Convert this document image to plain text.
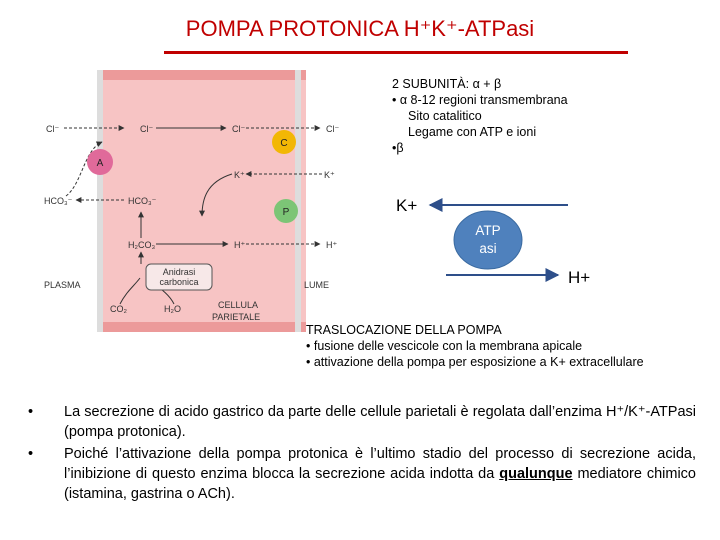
POMPA PROTONICA H⁺K⁺-ATPasi
Cl⁻
HCO₃⁻
Cl⁻
HCO₃⁻
H₂CO₃
CO₂	H₂O
Cl⁻	Cl⁻
K⁺	K⁺
H⁺	H⁺
A
C
P
Anidrasi
carbonica
PLASMA	LUME
CELLULA
PARIETALE
2 SUBUNITÀ: α + β
• α 8-12 regioni transmembrana
Sito catalitico
Legame con ATP e ioni
•β
K+
ATP
asi
H+
TRASLOCAZIONE DELLA POMPA
• fusione delle vescicole con la membrana apicale
• attivazione della pompa per esposizione a K+ extracellulare
•	La secrezione di acido gastrico da parte delle cellule parietali è regolata dall’enzima H⁺/K⁺-ATPasi (pompa protonica).
•	Poiché l’attivazione della pompa protonica è l’ultimo stadio del processo di secrezione acida, l’inibizione di questo enzima blocca la secrezione acida indotta da qualunque mediatore chimico (istamina, gastrina o ACh).
